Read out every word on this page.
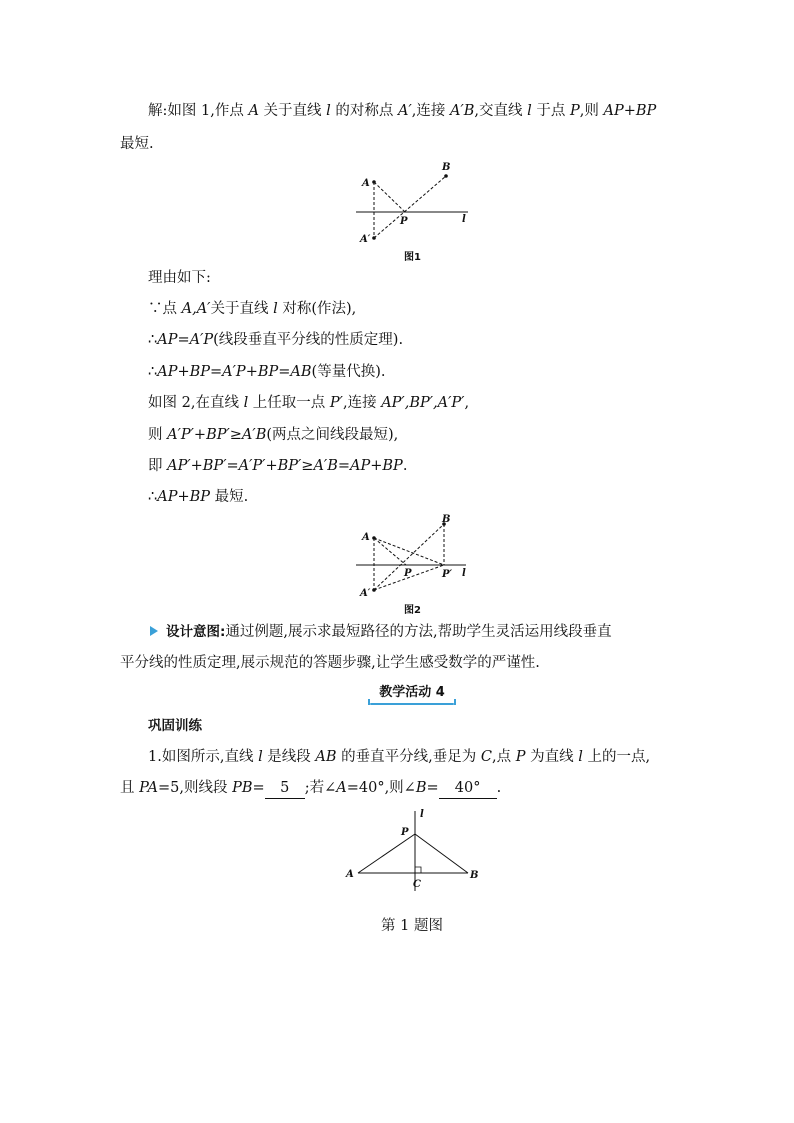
解:如图 1,作点 A 关于直线 l 的对称点 A′,连接 A′B,交直线 l 于点 P,则 AP+BP
最短.
A
B
P
A′
l
图1
理由如下:
∵点 A,A′关于直线 l 对称(作法),
∴AP=A′P(线段垂直平分线的性质定理).
∴AP+BP=A′P+BP=AB(等量代换).
如图 2,在直线 l 上任取一点 P′,连接 AP′,BP′,A′P′,
则 A′P′+BP′≥A′B(两点之间线段最短),
即 AP′+BP′=A′P′+BP′≥A′B=AP+BP.
∴AP+BP 最短.
A
B
P	P′
A′
l
图2
设计意图:通过例题,展示求最短路径的方法,帮助学生灵活运用线段垂直
平分线的性质定理,展示规范的答题步骤,让学生感受数学的严谨性.
教学活动 4
巩固训练
1.如图所示,直线 l 是线段 AB 的垂直平分线,垂足为 C,点 P 为直线 l 上的一点,
且 PA=5,则线段 PB= 5 ;若∠A=40°,则∠B= 40° .
l
P
A	B
C
第 1 题图
